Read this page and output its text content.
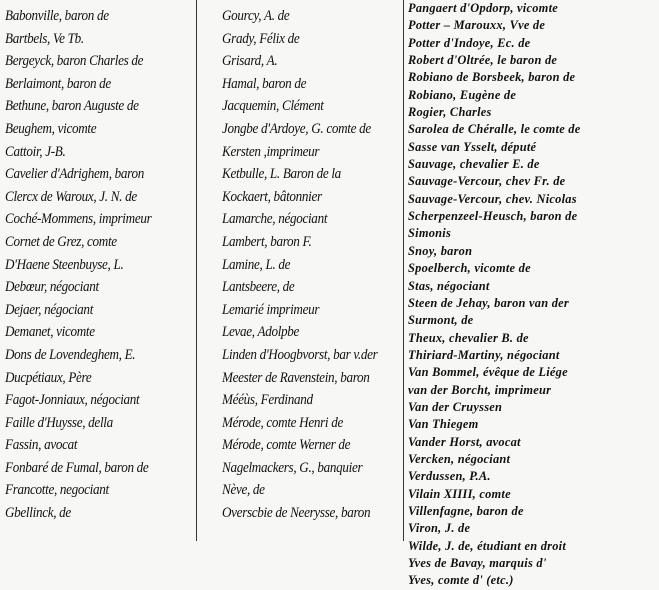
Babonville, baron de
Bartbels, Ve Tb.
Bergeyck, baron Charles de
Berlaimont, baron de
Bethune, baron Auguste de
Beughem, vicomte
Cattoir, J-B.
Cavelier d'Adrighem, baron
Clercx de Waroux, J. N. de
Coché-Mommens, imprimeur
Cornet de Grez, comte
D'Haene Steenbuyse, L.
Debœur, négociant
Dejaer, négociant
Demanet, vicomte
Dons de Lovendeghem, E.
Ducpétiaux, Père
Fagot-Jonniaux, négociant
Faille d'Huysse, della
Fassin, avocat
Fonbaré de Fumal, baron de
Francotte, negociant
Gbellinck, de
Gourcy, A. de
Grady, Félix de
Grisard, A.
Hamal, baron de
Jacquemin, Clément
Jongbe d'Ardoye, G. comte de
Kersten ,imprimeur
Ketbulle, L. Baron de la
Kockaert, bâtonnier
Lamarche, négociant
Lambert, baron F.
Lamine, L. de
Lantsbeere, de
Lemarié imprimeur
Levae, Adolpbe
Linden d'Hoogbvorst, bar v.der
Meester de Ravenstein, baron
Mééùs, Ferdinand
Mérode, comte Henri de
Mérode, comte Werner de
Nagelmackers, G., banquier
Nève, de
Overscbie de Neerysse, baron
Pangaert d'Opdorp, vicomte
Potter – Marouxx, Vve de
Potter d'Indoye, Ec. de
Robert d'Oltrée, le baron de
Robiano de Borsbeek, baron de
Robiano, Eugène de
Rogier, Charles
Sarolea de Chéralle, le comte de
Sasse van Ysselt, député
Sauvage, chevalier E. de
Sauvage-Vercour, chev Fr. de
Sauvage-Vercour, chev. Nicolas
Scherpenzeel-Heusch, baron de
Simonis
Snoy, baron
Spoelberch, vicomte de
Stas, négociant
Steen de Jehay, baron van der
Surmont, de
Theux, chevalier B. de
Thiriard-Martiny, négociant
Van Bommel, évêque de Liége
van der Borcht, imprimeur
Van der Cruyssen
Van Thiegem
Vander Horst, avocat
Vercken, négociant
Verdussen, P.A.
Vilain XIIII, comte
Villenfagne, baron de
Viron, J. de
Wilde, J. de, étudiant en droit
Yves de Bavay, marquis d'
Yves, comte d' (etc.)
